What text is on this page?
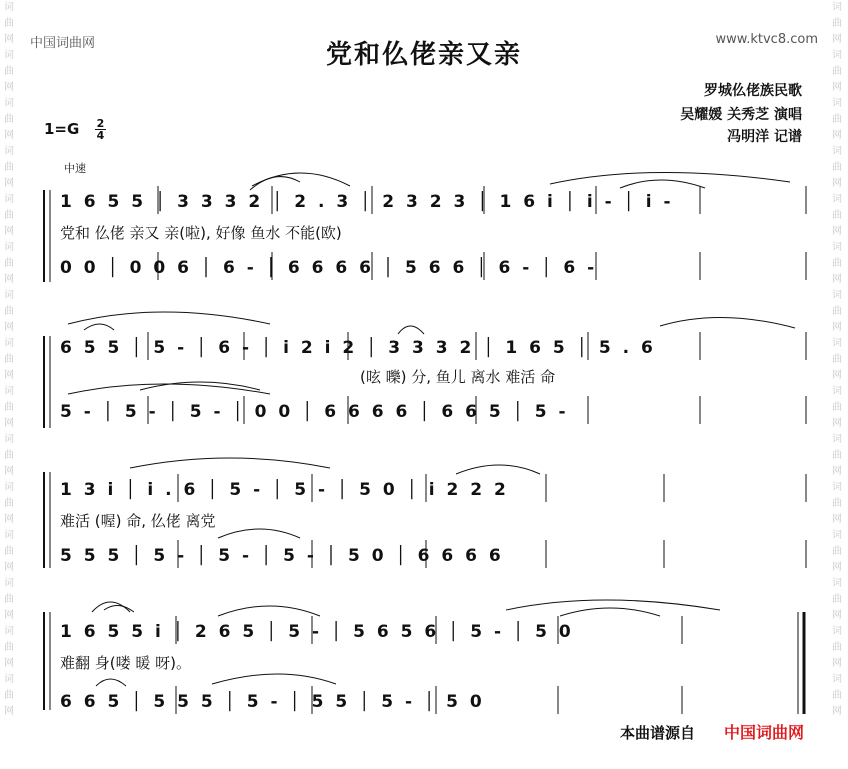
词曲网词曲网词曲网词曲网词曲网词曲网词曲网词曲网词曲网词曲网词曲网词曲网词曲网词曲网词曲网
词曲网词曲网词曲网词曲网词曲网词曲网词曲网词曲网词曲网词曲网词曲网词曲网词曲网词曲网词曲网
中国词曲网	www.ktvc8.com
党和仫佬亲又亲
罗城仫佬族民歌
吴耀媛 关秀芝 演唱
冯明洋 记谱
$1=G \frac{2}{4}$
中速
1 6 5 5 │ 3 3 3 2 │ 2 . 3 │ 2 3 2 3 │ 1 6 i │ i - │ i -
党和 仫佬 亲又 亲(啦), 好像 鱼水 不能(欧)
0 0 │ 0 0 6 │ 6 - │ 6 6 6 6 │ 5 6 6 │ 6 - │ 6 -
6 5 5 │ 5 - │ 6 - │ i 2 i 2 │ 3 3 3 2 │ 1 6 5 │ 5 . 6
(呟 嚛) 分, 鱼儿 离水 难活 命
5 - │ 5 - │ 5 - │ 0 0 │ 6 6 6 6 │ 6 6 5 │ 5 -
1 3 i │ i . 6 │ 5 - │ 5 - │ 5 0 │ i 2 2 2
难活 (喔) 命, 仫佬 离党
5 5 5 │ 5 - │ 5 - │ 5 - │ 5 0 │ 6 6 6 6
1 6 5 5 i │ 2 6 5 │ 5 - │ 5 6 5 6 │ 5 - │ 5 0
难翻 身(喽 暖 呀)。
6 6 5 │ 5 5 5 │ 5 - │ 5 5 │ 5 - │ 5 0
本曲谱源自 中国词曲网
